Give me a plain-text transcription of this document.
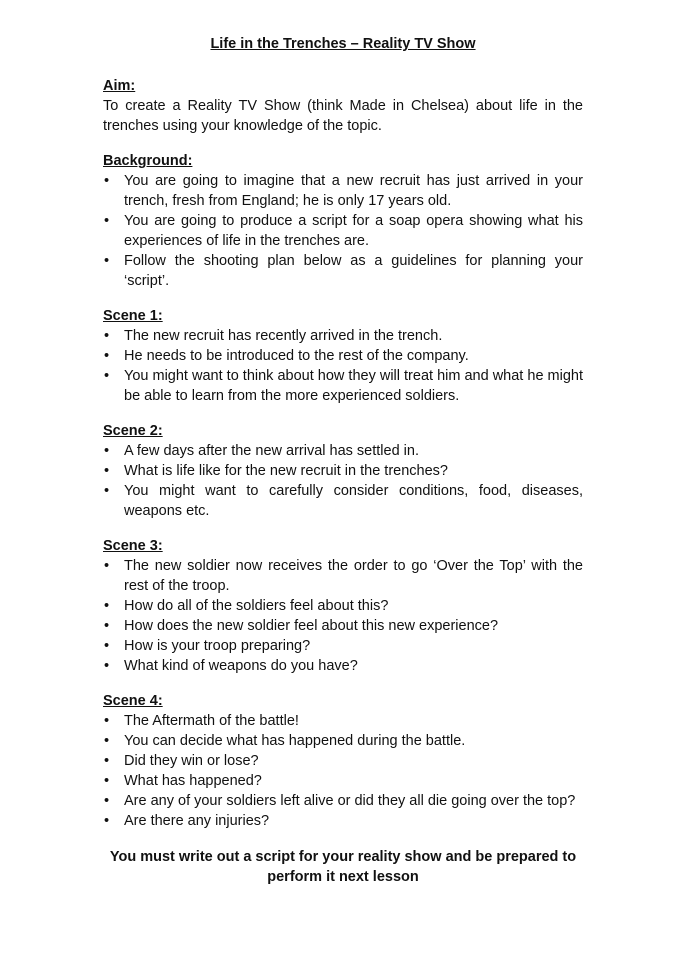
Life in the Trenches – Reality TV Show
Aim:

To create a Reality TV Show (think Made in Chelsea) about life in the trenches using your knowledge of the topic.

Background:
•	You are going to imagine that a new recruit has just arrived in your trench, fresh from England; he is only 17 years old.
•	You are going to produce a script for a soap opera showing what his experiences of life in the trenches are.
•	Follow the shooting plan below as a guidelines for planning your ‘script’.
Scene 1:
•	The new recruit has recently arrived in the trench.
•	He needs to be introduced to the rest of the company.
•	You might want to think about how they will treat him and what he might be able to learn from the more experienced soldiers.
Scene 2:
•	A few days after the new arrival has settled in.
•	What is life like for the new recruit in the trenches?
•	You might want to carefully consider conditions, food, diseases, weapons etc.
Scene 3:
•	The new soldier now receives the order to go ‘Over the Top’ with the rest of the troop.
•	How do all of the soldiers feel about this?
•	How does the new soldier feel about this new experience?
•	How is your troop preparing?
•	What kind of weapons do you have?
Scene 4:
•	The Aftermath of the battle!
•	You can decide what has happened during the battle.
•	Did they win or lose?
•	What has happened?
•	Are any of your soldiers left alive or did they all die going over the top?
•	Are there any injuries?
You must write out a script for your reality show and be prepared to perform it next lesson
